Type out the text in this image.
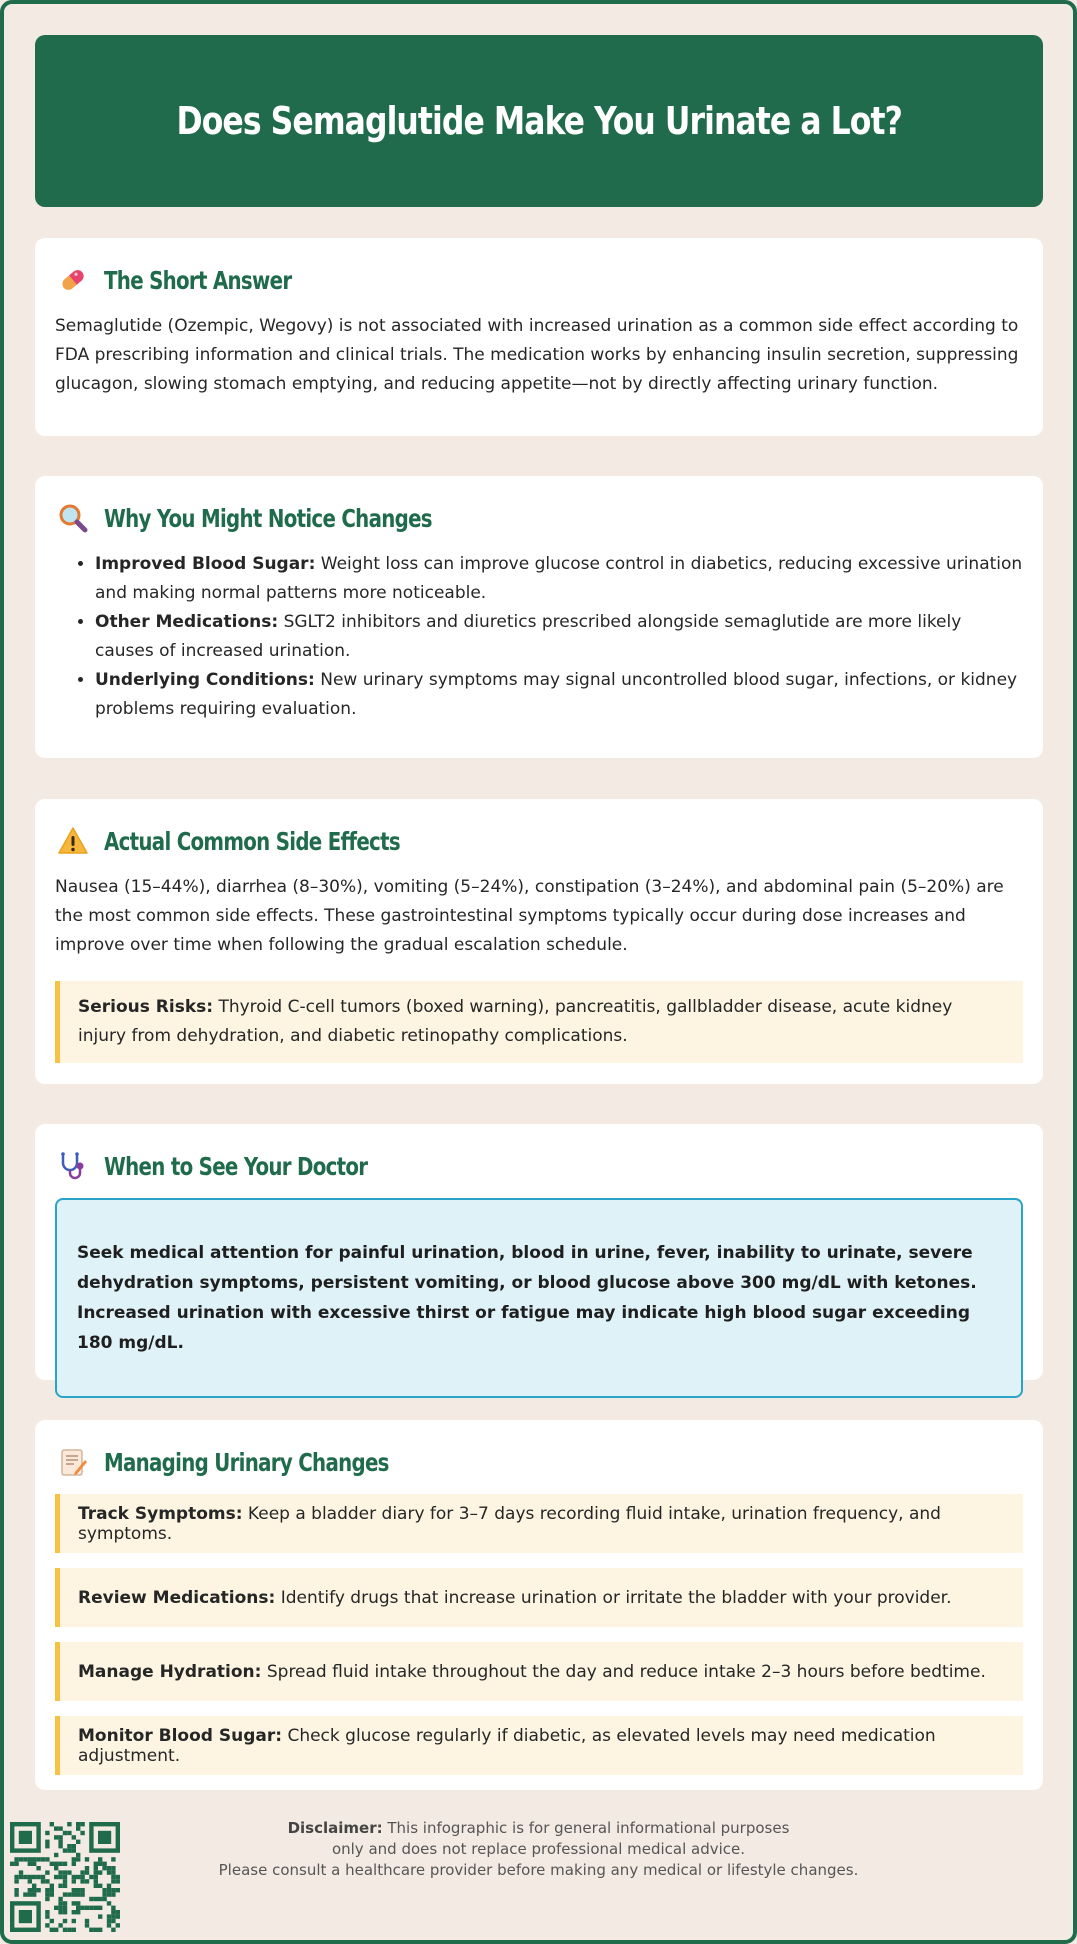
Does Semaglutide Make You Urinate a Lot?
The Short Answer

Semaglutide (Ozempic, Wegovy) is not associated with increased urination as a common side effect according to FDA prescribing information and clinical trials. The medication works by enhancing insulin secretion, suppressing glucagon, slowing stomach emptying, and reducing appetite—not by directly affecting urinary function.

Why You Might Notice Changes
• Improved Blood Sugar: Weight loss can improve glucose control in diabetics, reducing excessive urination and making normal patterns more noticeable.
• Other Medications: SGLT2 inhibitors and diuretics prescribed alongside semaglutide are more likely causes of increased urination.
• Underlying Conditions: New urinary symptoms may signal uncontrolled blood sugar, infections, or kidney problems requiring evaluation.
Actual Common Side Effects

Nausea (15–44%), diarrhea (8–30%), vomiting (5–24%), constipation (3–24%), and abdominal pain (5–20%) are the most common side effects. These gastrointestinal symptoms typically occur during dose increases and improve over time when following the gradual escalation schedule.

Serious Risks: Thyroid C-cell tumors (boxed warning), pancreatitis, gallbladder disease, acute kidney injury from dehydration, and diabetic retinopathy complications.
When to See Your Doctor
Seek medical attention for painful urination, blood in urine, fever, inability to urinate, severe dehydration symptoms, persistent vomiting, or blood glucose above 300 mg/dL with ketones. Increased urination with excessive thirst or fatigue may indicate high blood sugar exceeding 180 mg/dL.
Managing Urinary Changes
Track Symptoms: Keep a bladder diary for 3–7 days recording fluid intake, urination frequency, and symptoms.
Review Medications: Identify drugs that increase urination or irritate the bladder with your provider.
Manage Hydration: Spread fluid intake throughout the day and reduce intake 2–3 hours before bedtime.
Monitor Blood Sugar: Check glucose regularly if diabetic, as elevated levels may need medication adjustment.
Disclaimer: This infographic is for general informational purposes
only and does not replace professional medical advice.
Please consult a healthcare provider before making any medical or lifestyle changes.
